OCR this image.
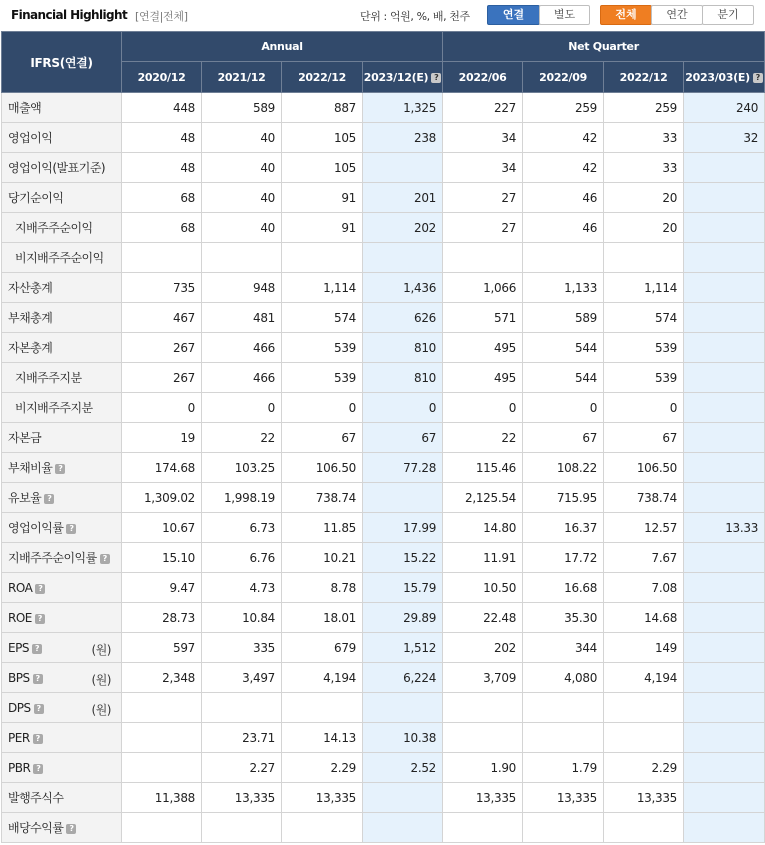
Financial Highlight [연결|전체]	단위 : 억원, %, 배, 천주	연결	별도	전체	연간	분기
IFRS(연결)	Annual				Net Quarter			
	2020/12	2021/12	2022/12	2023/12(E) ?	2022/06	2022/09	2022/12	2023/03(E) ?
매출액	448	589	887	1,325	227	259	259	240
영업이익	48	40	105	238	34	42	33	32
영업이익(발표기준)	48	40	105		34	42	33	
당기순이익	68	40	91	201	27	46	20	
지배주주순이익	68	40	91	202	27	46	20	
비지배주주순이익								
자산총계	735	948	1,114	1,436	1,066	1,133	1,114	
부채총계	467	481	574	626	571	589	574	
자본총계	267	466	539	810	495	544	539	
지배주주지분	267	466	539	810	495	544	539	
비지배주주지분	0	0	0	0	0	0	0	
자본금	19	22	67	67	22	67	67	
부채비율 ?	174.68	103.25	106.50	77.28	115.46	108.22	106.50	
유보율 ?	1,309.02	1,998.19	738.74		2,125.54	715.95	738.74	
영업이익률 ?	10.67	6.73	11.85	17.99	14.80	16.37	12.57	13.33
지배주주순이익률 ?	15.10	6.76	10.21	15.22	11.91	17.72	7.67	
ROA ?	9.47	4.73	8.78	15.79	10.50	16.68	7.08	
ROE ?	28.73	10.84	18.01	29.89	22.48	35.30	14.68	
EPS ? (원)	597	335	679	1,512	202	344	149	
BPS ? (원)	2,348	3,497	4,194	6,224	3,709	4,080	4,194	
DPS ? (원)								

PER ?		23.71	14.13	10.38				
PBR ?		2.27	2.29	2.52	1.90	1.79	2.29	
발행주식수	11,388	13,335	13,335		13,335	13,335	13,335	
배당수익률 ?								
